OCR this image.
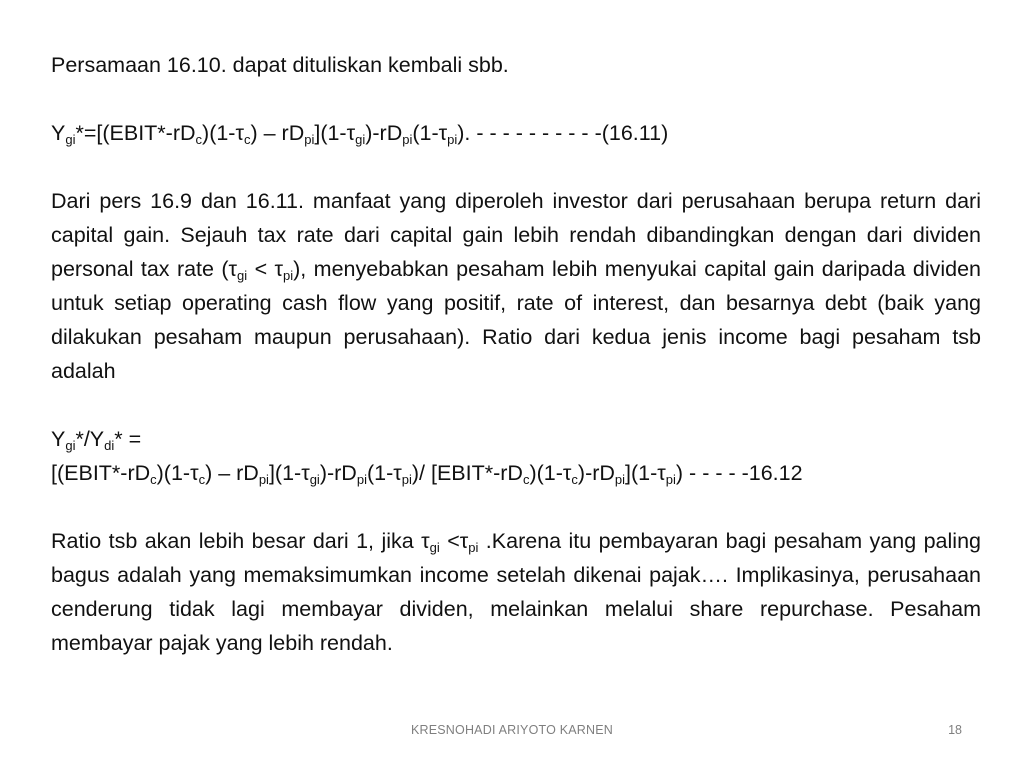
Persamaan 16.10. dapat dituliskan kembali sbb.

$Y_{gi}*=[(EBIT*-rD_c)(1-\tau_c) - rD_{pi}](1-\tau_{gi})-rD_{pi}(1-\tau_{pi})$. - - - - - - - - - -(16.11)

Dari pers 16.9 dan 16.11. manfaat yang diperoleh investor dari perusahaan berupa return dari capital gain. Sejauh tax rate dari capital gain lebih rendah dibandingkan dengan dari dividen personal tax rate $(\tau_{gi} < \tau_{pi})$, menyebabkan pesaham lebih menyukai capital gain daripada dividen untuk setiap operating cash flow yang positif, rate of interest, dan besarnya debt (baik yang dilakukan pesaham maupun perusahaan). Ratio dari kedua jenis income bagi pesaham tsb adalah

$Y_{gi}*/Y_{di}*$ =

$[(EBIT*-rD_c)(1-\tau_c) - rD_{pi}](1-\tau_{gi})-rD_{pi}(1-\tau_{pi})/$ $[EBIT*-rD_c)(1-\tau_c)-rD_{pi}](1-\tau_{pi})$ - - - - -16.12

Ratio tsb akan lebih besar dari 1, jika $\tau_{gi} <\tau_{pi}$ .Karena itu pembayaran bagi pesaham yang paling bagus adalah yang memaksimumkan income setelah dikenai pajak…. Implikasinya, perusahaan cenderung tidak lagi membayar dividen, melainkan melalui share repurchase. Pesaham membayar pajak yang lebih rendah.

KRESNOHADI ARIYOTO KARNEN	18
